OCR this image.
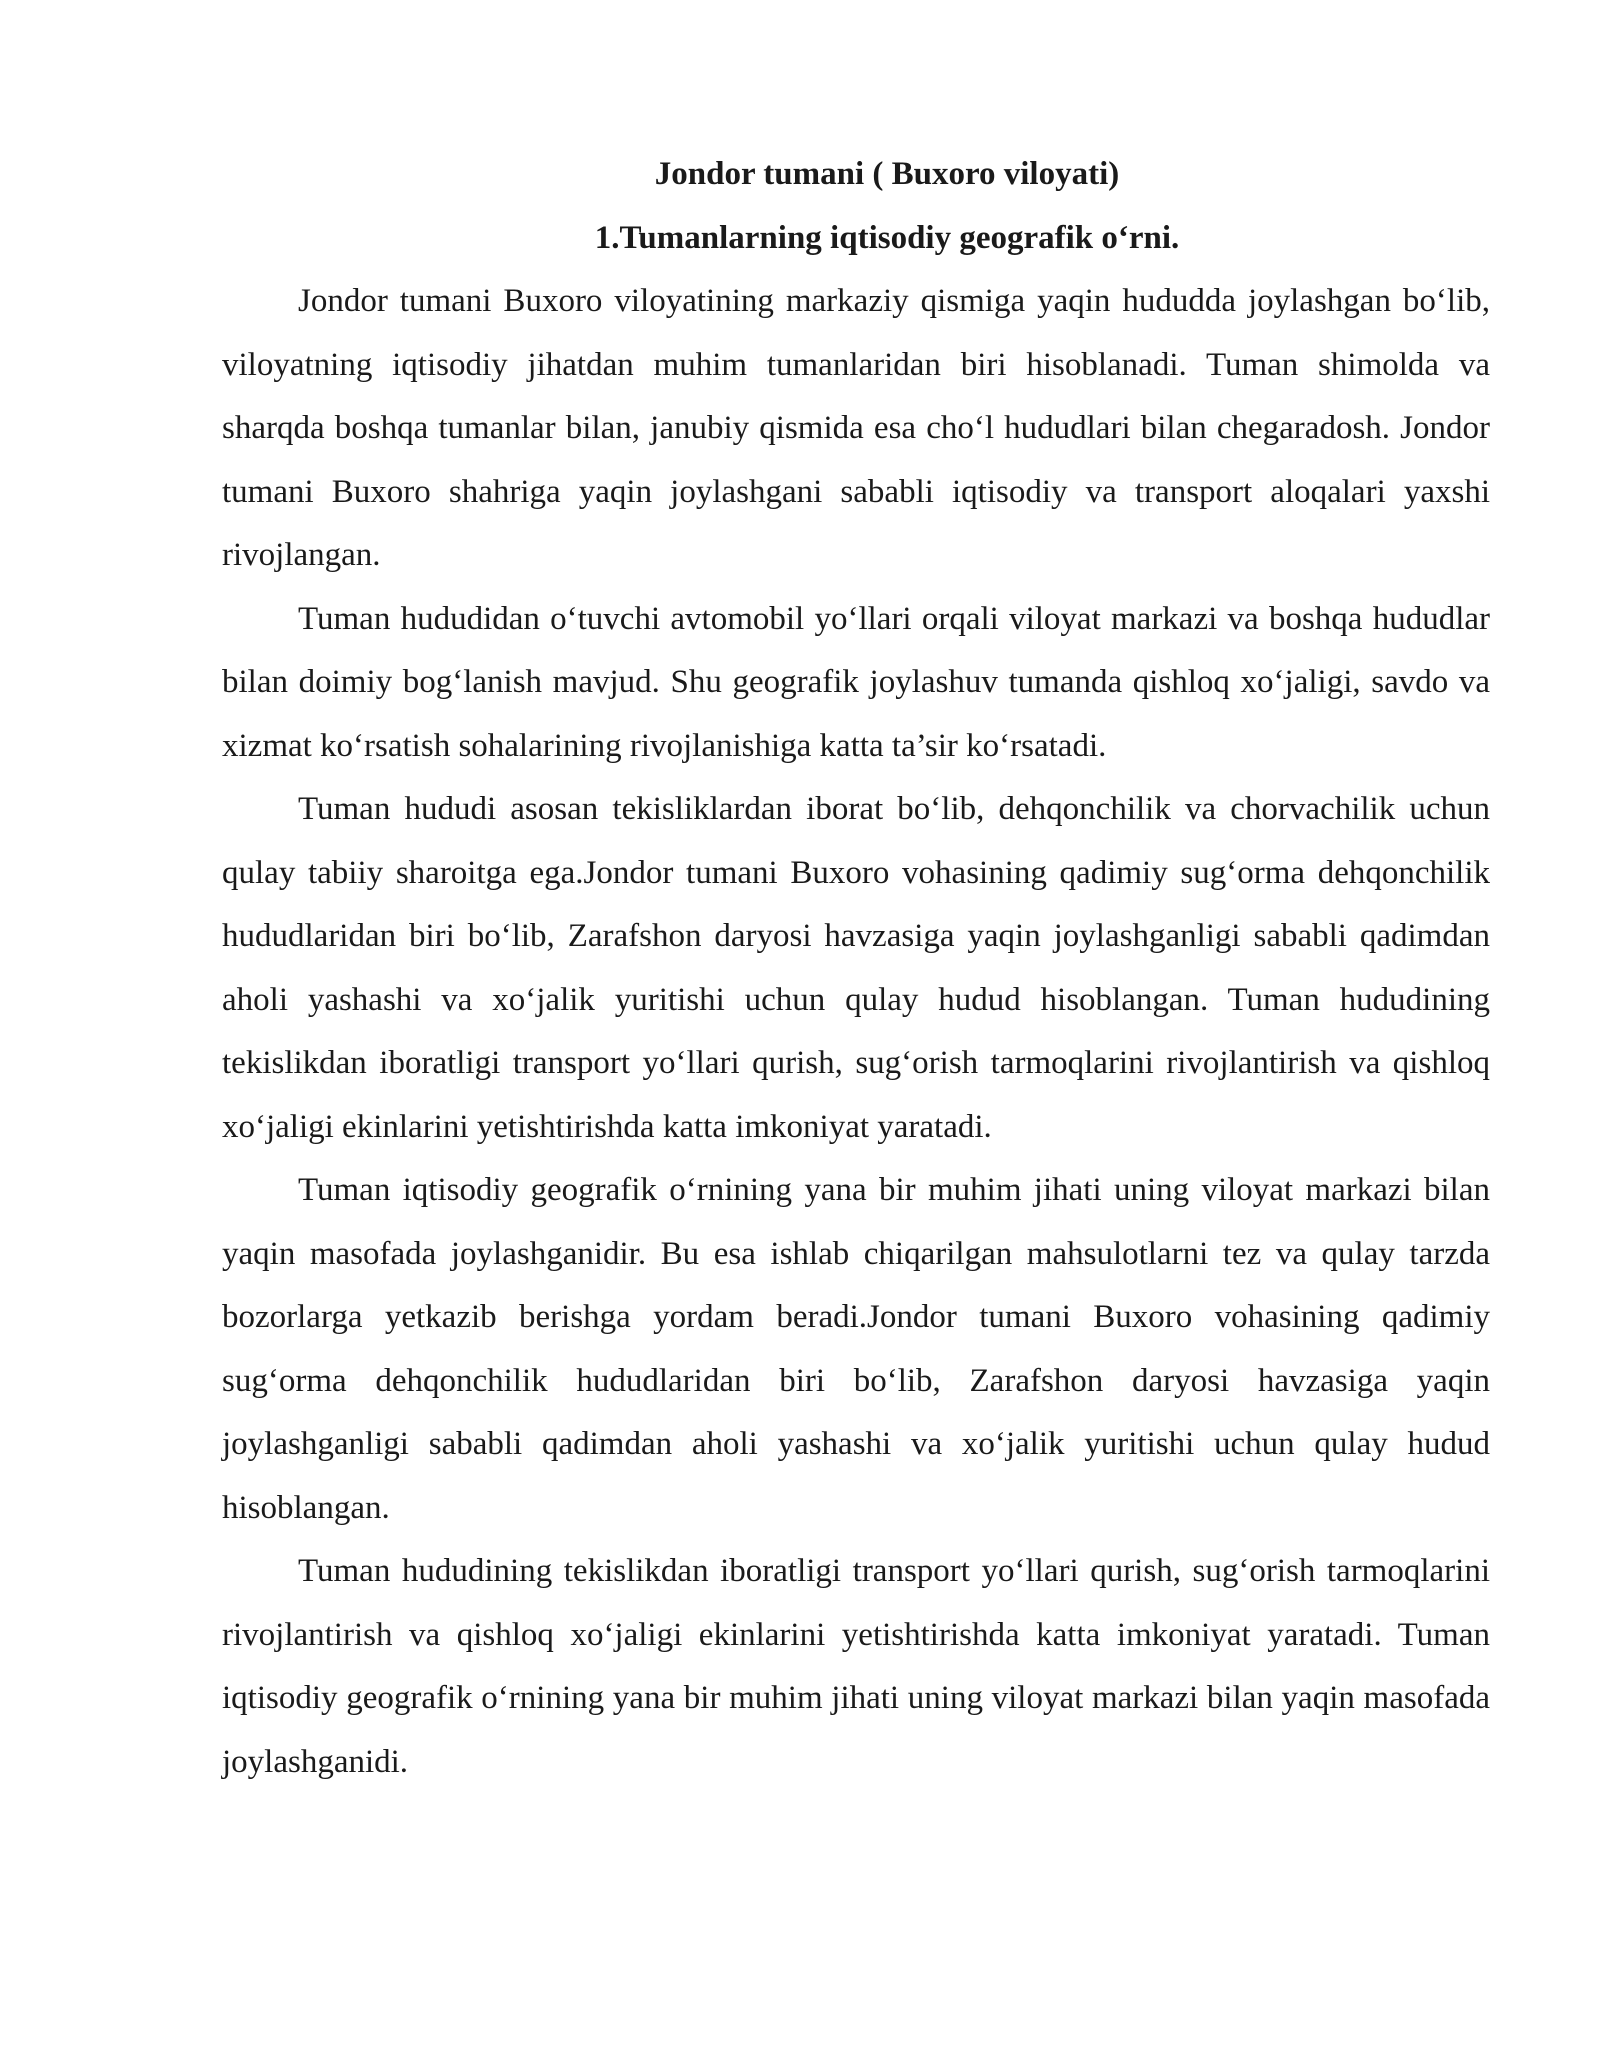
Jondor tumani ( Buxoro viloyati)

1.Tumanlarning iqtisodiy geografik o‘rni.

Jondor tumani Buxoro viloyatining markaziy qismiga yaqin hududda joylashgan bo‘lib, viloyatning iqtisodiy jihatdan muhim tumanlaridan biri hisoblanadi. Tuman shimolda va sharqda boshqa tumanlar bilan, janubiy qismida esa cho‘l hududlari bilan chegaradosh. Jondor tumani Buxoro shahriga yaqin joylashgani sababli iqtisodiy va transport aloqalari yaxshi rivojlangan.

Tuman hududidan o‘tuvchi avtomobil yo‘llari orqali viloyat markazi va boshqa hududlar bilan doimiy bog‘lanish mavjud. Shu geografik joylashuv tumanda qishloq xo‘jaligi, savdo va xizmat ko‘rsatish sohalarining rivojlanishiga katta ta’sir ko‘rsatadi.

Tuman hududi asosan tekisliklardan iborat bo‘lib, dehqonchilik va chorvachilik uchun qulay tabiiy sharoitga ega.Jondor tumani Buxoro vohasining qadimiy sug‘orma dehqonchilik hududlaridan biri bo‘lib, Zarafshon daryosi havzasiga yaqin joylashganligi sababli qadimdan aholi yashashi va xo‘jalik yuritishi uchun qulay hudud hisoblangan. Tuman hududining tekislikdan iboratligi transport yo‘llari qurish, sug‘orish tarmoqlarini rivojlantirish va qishloq xo‘jaligi ekinlarini yetishtirishda katta imkoniyat yaratadi.

Tuman iqtisodiy geografik o‘rnining yana bir muhim jihati uning viloyat markazi bilan yaqin masofada joylashganidir. Bu esa ishlab chiqarilgan mahsulotlarni tez va qulay tarzda bozorlarga yetkazib berishga yordam beradi.Jondor tumani Buxoro vohasining qadimiy sug‘orma dehqonchilik hududlaridan biri bo‘lib, Zarafshon daryosi havzasiga yaqin joylashganligi sababli qadimdan aholi yashashi va xo‘jalik yuritishi uchun qulay hudud hisoblangan.

Tuman hududining tekislikdan iboratligi transport yo‘llari qurish, sug‘orish tarmoqlarini rivojlantirish va qishloq xo‘jaligi ekinlarini yetishtirishda katta imkoniyat yaratadi. Tuman iqtisodiy geografik o‘rnining yana bir muhim jihati uning viloyat markazi bilan yaqin masofada joylashganidi.
